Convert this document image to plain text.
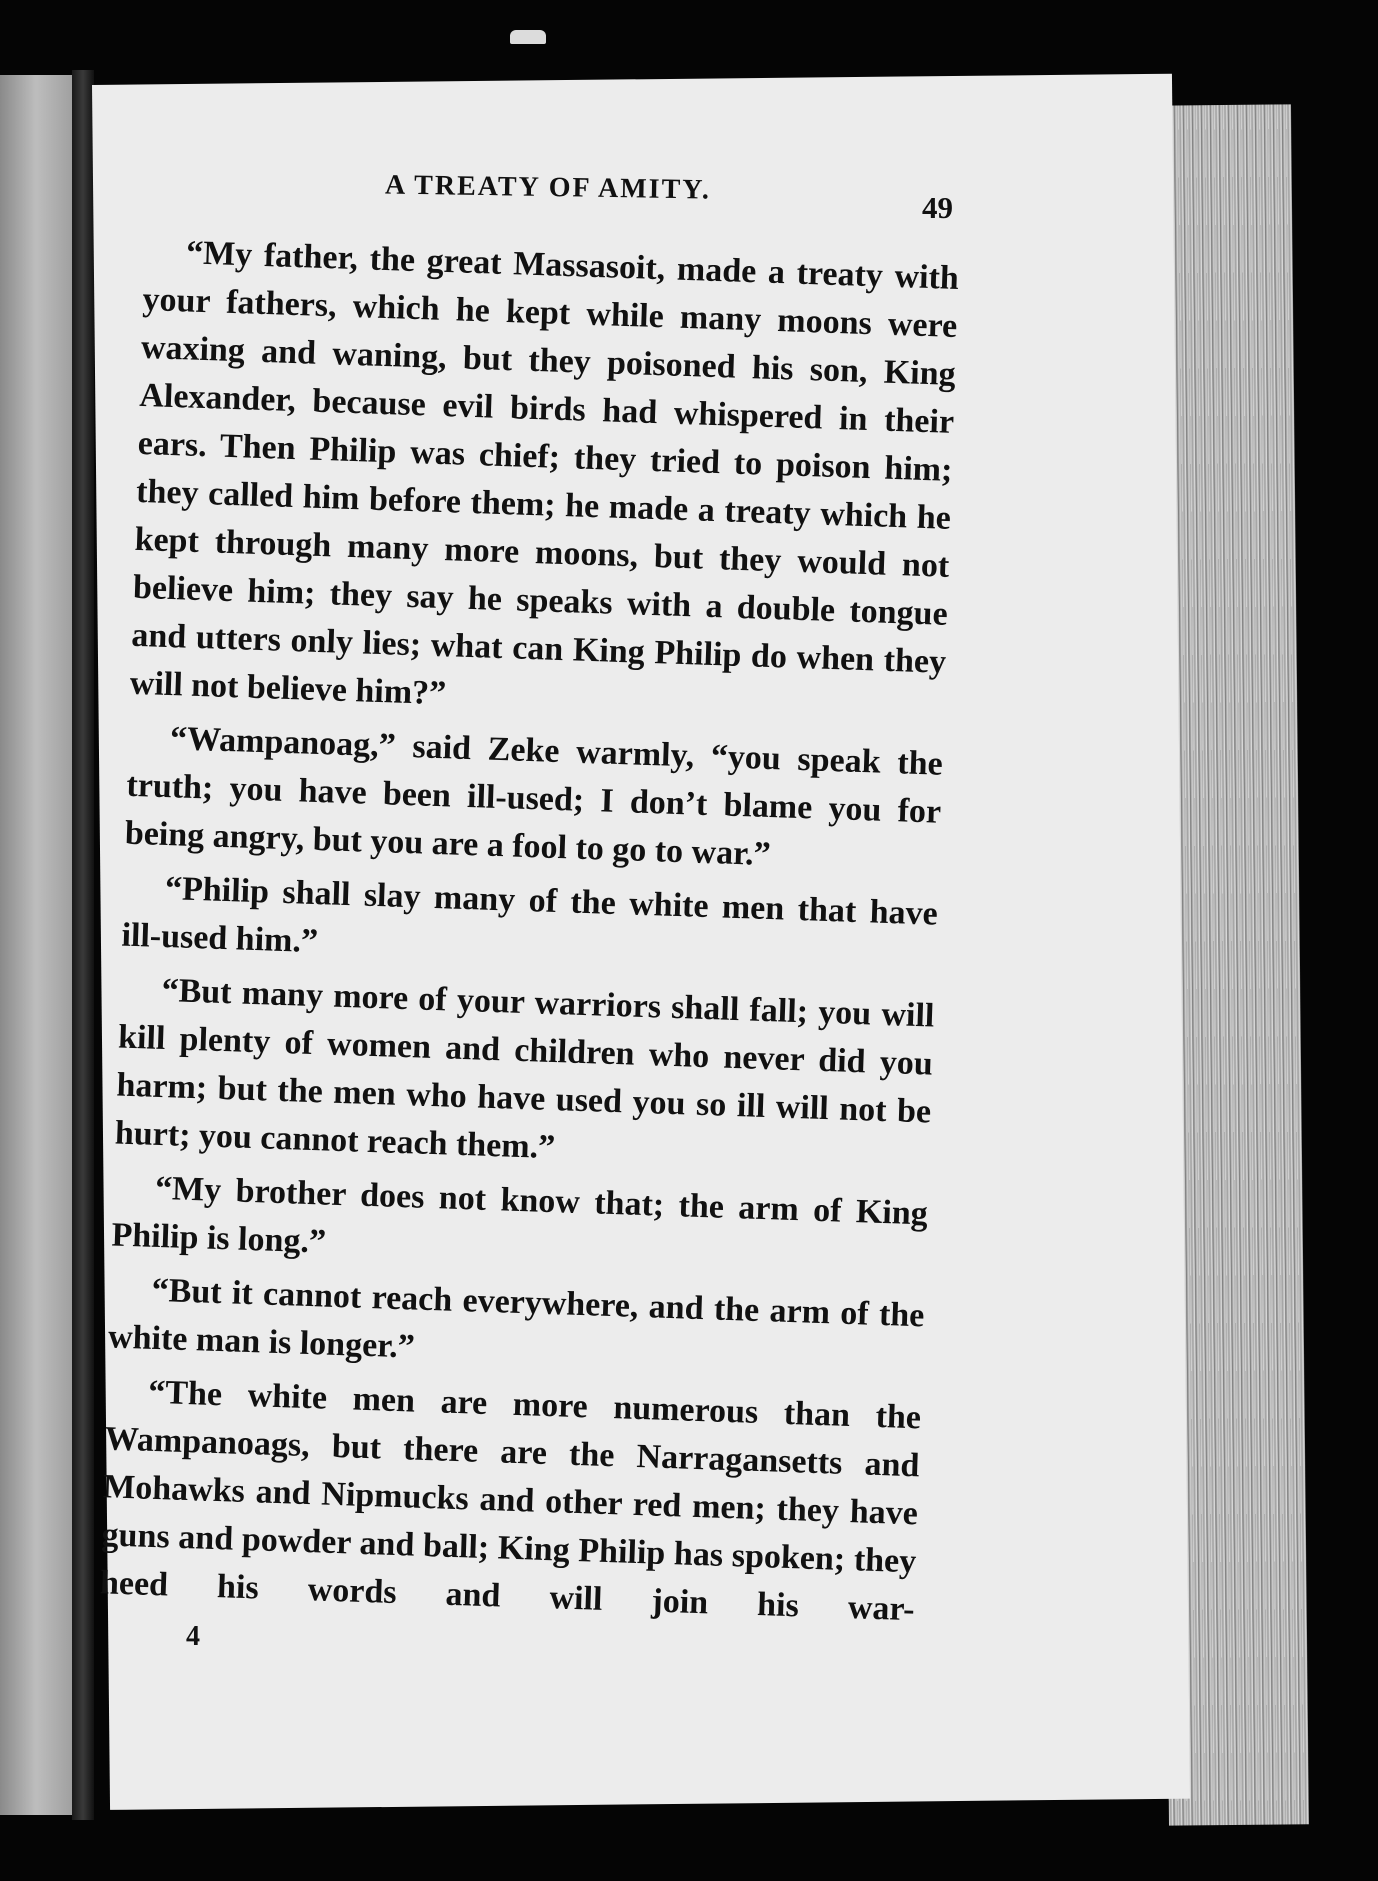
A TREATY OF AMITY.
49

“My father, the great Massasoit, made a treaty with your fathers, which he kept while many moons were waxing and waning, but they poisoned his son, King Alexander, because evil birds had whispered in their ears. Then Philip was chief; they tried to poison him; they called him before them; he made a treaty which he kept through many more moons, but they would not believe him; they say he speaks with a double tongue and utters only lies; what can King Philip do when they will not believe him?”

“Wampanoag,” said Zeke warmly, “you speak the truth; you have been ill-used; I don’t blame you for being angry, but you are a fool to go to war.”

“Philip shall slay many of the white men that have ill-used him.”

“But many more of your warriors shall fall; you will kill plenty of women and children who never did you harm; but the men who have used you so ill will not be hurt; you cannot reach them.”

“My brother does not know that; the arm of King Philip is long.”

“But it cannot reach everywhere, and the arm of the white man is longer.”

“The white men are more numerous than the Wampanoags, but there are the Narragansetts and Mohawks and Nipmucks and other red men; they have guns and powder and ball; King Philip has spoken; they heed his words and will join his war-

4
